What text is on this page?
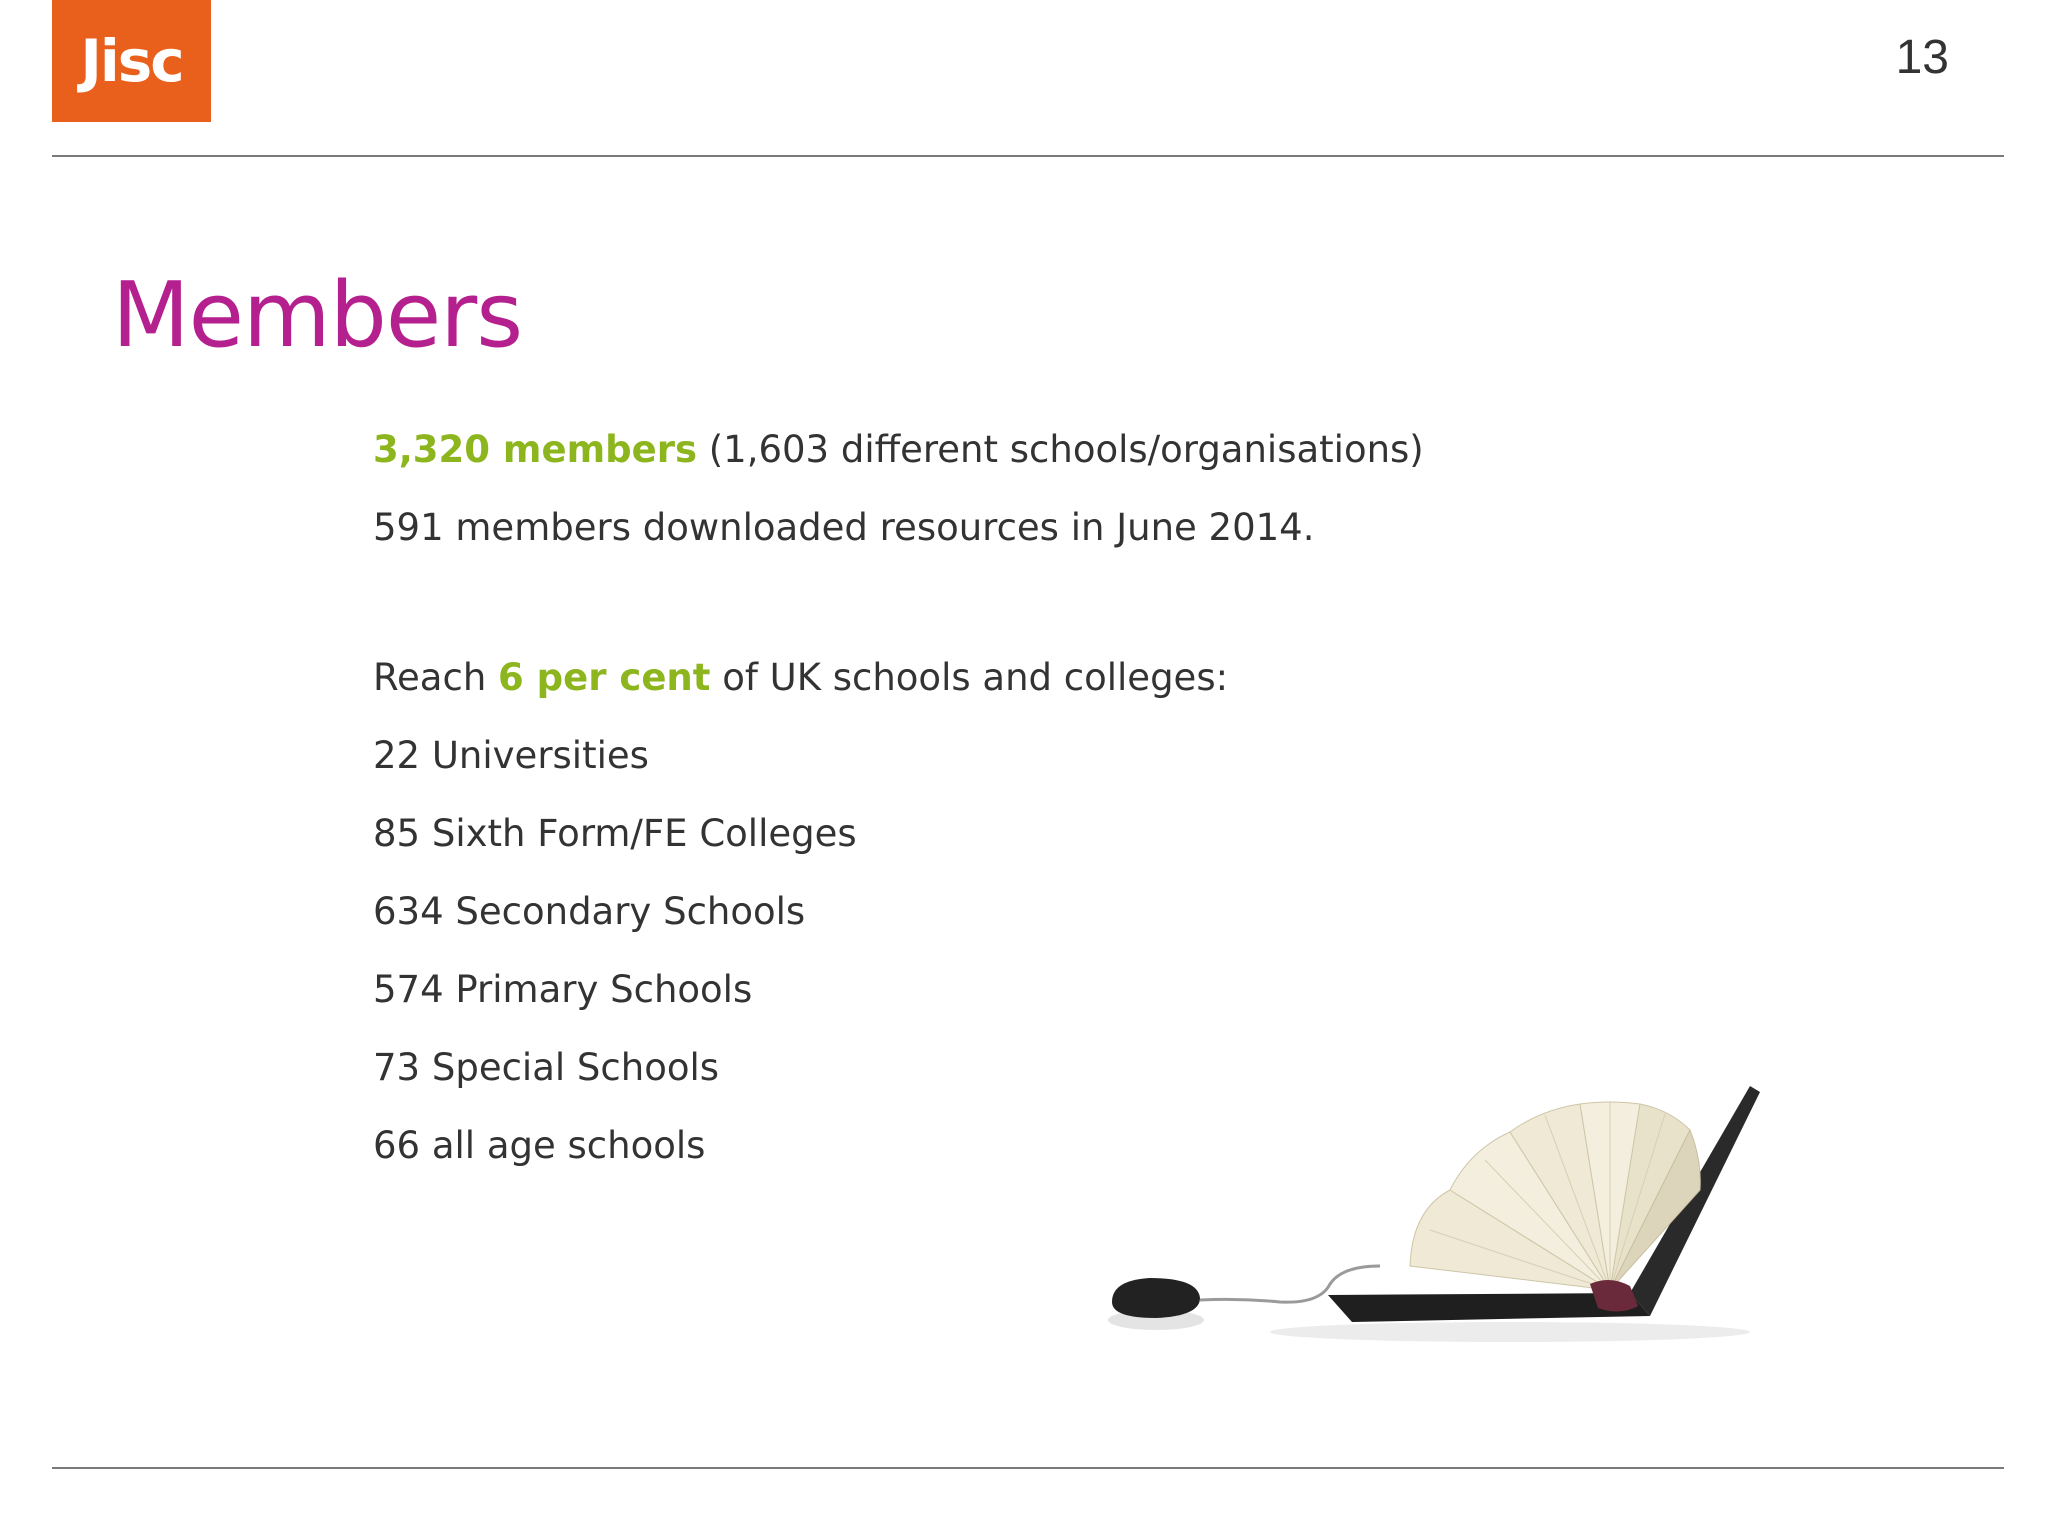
Jisc	13
Members
3,320 members (1,603 different schools/organisations)
591 members downloaded resources in June 2014.
Reach 6 per cent of UK schools and colleges:
22 Universities
85 Sixth Form/FE Colleges
634 Secondary Schools
574 Primary Schools
73 Special Schools
66 all age schools
